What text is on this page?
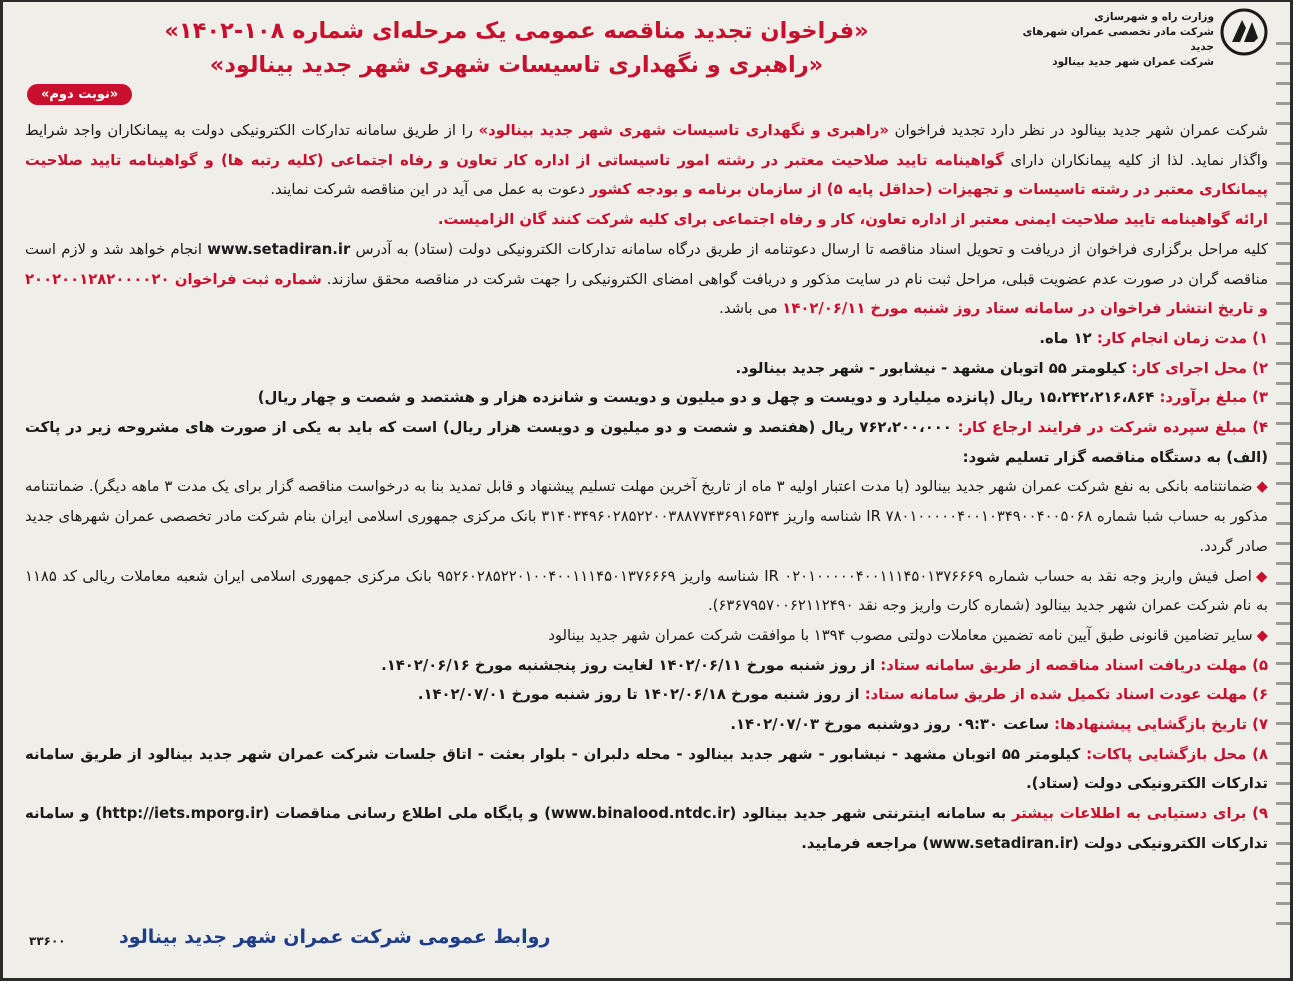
وزارت راه و شهرسازی
شرکت مادر تخصصی عمران شهرهای جدید
شرکت عمران شهر جدید بینالود
«فراخوان تجدید مناقصه عمومی یک مرحله‌ای شماره ۱۰۸-۱۴۰۲»
«راهبری و نگهداری تاسیسات شهری شهر جدید بینالود»
«نوبت دوم»

شرکت عمران شهر جدید بینالود در نظر دارد تجدید فراخوان «راهبری و نگهداری تاسیسات شهری شهر جدید بینالود» را از طریق سامانه تدارکات الکترونیکی دولت به پیمانکاران واجد شرایط واگذار نماید. لذا از کلیه پیمانکاران دارای گواهینامه تایید صلاحیت معتبر در رشته امور تاسیساتی از اداره کار تعاون و رفاه اجتماعی (کلیه رتبه ها) و گواهینامه تایید صلاحیت پیمانکاری معتبر در رشته تاسیسات و تجهیزات (حداقل پایه ۵) از سازمان برنامه و بودجه کشور دعوت به عمل می آید در این مناقصه شرکت نمایند.

ارائه گواهینامه تایید صلاحیت ایمنی معتبر از اداره تعاون، کار و رفاه اجتماعی برای کلیه شرکت کنند گان الزامیست.

کلیه مراحل برگزاری فراخوان از دریافت و تحویل اسناد مناقصه تا ارسال دعوتنامه از طریق درگاه سامانه تدارکات الکترونیکی دولت (ستاد) به آدرس www.setadiran.ir انجام خواهد شد و لازم است مناقصه گران در صورت عدم عضویت قبلی، مراحل ثبت نام در سایت مذکور و دریافت گواهی امضای الکترونیکی را جهت شرکت در مناقصه محقق سازند. شماره ثبت فراخوان ۲۰۰۲۰۰۱۲۸۲۰۰۰۰۲۰ و تاریخ انتشار فراخوان در سامانه ستاد روز شنبه مورخ ۱۴۰۲/۰۶/۱۱ می باشد.

۱) مدت زمان انجام کار: ۱۲ ماه.

۲) محل اجرای کار: کیلومتر ۵۵ اتوبان مشهد - نیشابور - شهر جدید بینالود.

۳) مبلغ برآورد: ۱۵،۲۴۲،۲۱۶،۸۶۴ ریال (پانزده میلیارد و دویست و چهل و دو میلیون و دویست و شانزده هزار و هشتصد و شصت و چهار ریال)

۴) مبلغ سپرده شرکت در فرایند ارجاع کار: ۷۶۲،۲۰۰،۰۰۰ ریال (هفتصد و شصت و دو میلیون و دویست هزار ریال) است که باید به یکی از صورت های مشروحه زیر در پاکت (الف) به دستگاه مناقصه گزار تسلیم شود:

◆ضمانتنامه بانکی به نفع شرکت عمران شهر جدید بینالود (با مدت اعتبار اولیه ۳ ماه از تاریخ آخرین مهلت تسلیم پیشنهاد و قابل تمدید بنا به درخواست مناقصه گزار برای یک مدت ۳ ماهه دیگر). ضمانتنامه مذکور به حساب شبا شماره IR ۷۸۰۱۰۰۰۰۰۴۰۰۱۰۳۴۹۰۰۴۰۰۵۰۶۸ شناسه واریز ۳۱۴۰۳۴۹۶۰۲۸۵۲۲۰۰۳۸۸۷۷۴۳۶۹۱۶۵۳۴ بانک مرکزی جمهوری اسلامی ایران بنام شرکت مادر تخصصی عمران شهرهای جدید صادر گردد.

◆اصل فیش واریز وجه نقد به حساب شماره IR ۰۲۰۱۰۰۰۰۰۴۰۰۱۱۱۴۵۰۱۳۷۶۶۶۹ شناسه واریز ۹۵۲۶۰۲۸۵۲۲۰۱۰۰۴۰۰۱۱۱۴۵۰۱۳۷۶۶۶۹ بانک مرکزی جمهوری اسلامی ایران شعبه معاملات ریالی کد ۱۱۸۵ به نام شرکت عمران شهر جدید بینالود (شماره کارت واریز وجه نقد ۶۳۶۷۹۵۷۰۰۶۲۱۱۲۴۹۰).

◆سایر تضامین قانونی طبق آیین نامه تضمین معاملات دولتی مصوب ۱۳۹۴ با موافقت شرکت عمران شهر جدید بینالود

۵) مهلت دریافت اسناد مناقصه از طریق سامانه ستاد: از روز شنبه مورخ ۱۴۰۲/۰۶/۱۱ لغایت روز پنجشنبه مورخ ۱۴۰۲/۰۶/۱۶.

۶) مهلت عودت اسناد تکمیل شده از طریق سامانه ستاد: از روز شنبه مورخ ۱۴۰۲/۰۶/۱۸ تا روز شنبه مورخ ۱۴۰۲/۰۷/۰۱.

۷) تاریخ بازگشایی پیشنهادها: ساعت ۰۹:۳۰ روز دوشنبه مورخ ۱۴۰۲/۰۷/۰۳.

۸) محل بازگشایی پاکات: کیلومتر ۵۵ اتوبان مشهد - نیشابور - شهر جدید بینالود - محله دلبران - بلوار بعثت - اتاق جلسات شرکت عمران شهر جدید بینالود از طریق سامانه تدارکات الکترونیکی دولت (ستاد).

۹) برای دستیابی به اطلاعات بیشتر به سامانه اینترنتی شهر جدید بینالود (www.binalood.ntdc.ir) و پایگاه ملی اطلاع رسانی مناقصات (http://iets.mporg.ir) و سامانه تدارکات الکترونیکی دولت (www.setadiran.ir) مراجعه فرمایید.

روابط عمومی شرکت عمران شهر جدید بینالود
۳۳۶۰۰
